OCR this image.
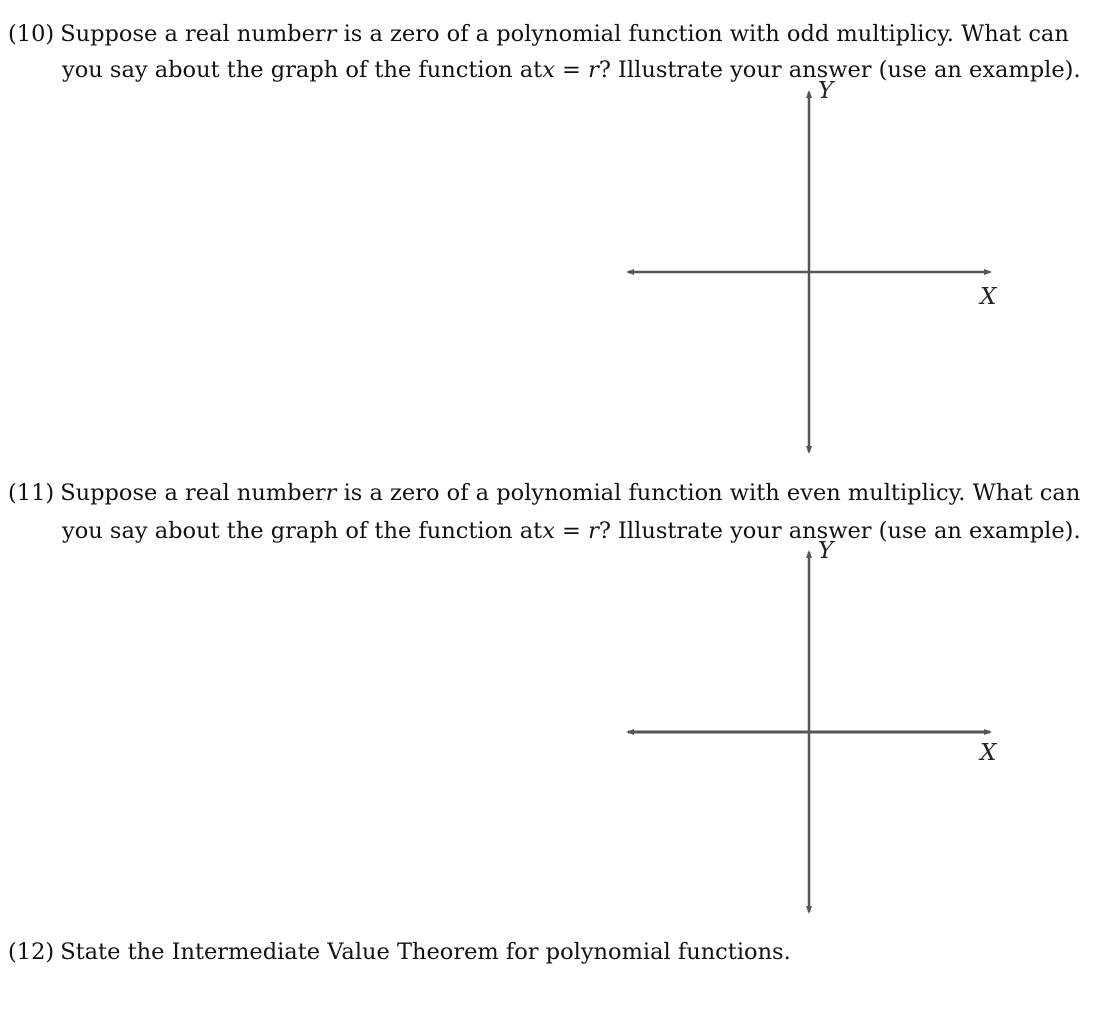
(10) Suppose a real numberr is a zero of a polynomial function with odd multiplicy. What can
you say about the graph of the function atx = r? Illustrate your answer (use an example).
Y
X
(11) Suppose a real numberr is a zero of a polynomial function with even multiplicy. What can
you say about the graph of the function atx = r? Illustrate your answer (use an example).
Y
X
(12) State the Intermediate Value Theorem for polynomial functions.
